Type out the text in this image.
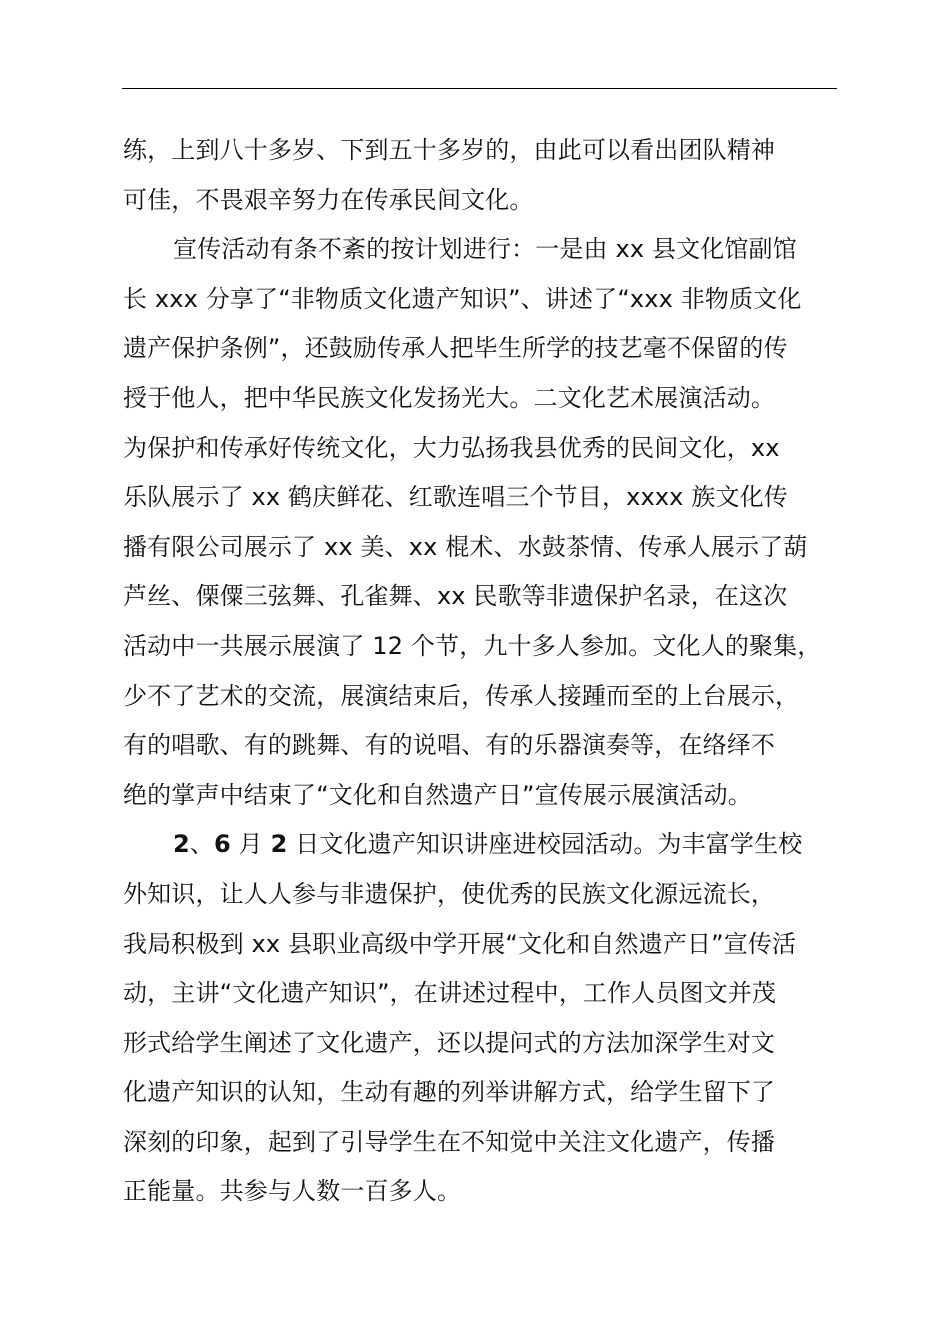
练，上到八十多岁、下到五十多岁的，由此可以看出团队精神
可佳，不畏艰辛努力在传承民间文化。
宣传活动有条不紊的按计划进行：一是由 xx 县文化馆副馆
长 xxx 分享了“非物质文化遗产知识”、讲述了“xxx 非物质文化
遗产保护条例”，还鼓励传承人把毕生所学的技艺毫不保留的传
授于他人，把中华民族文化发扬光大。二文化艺术展演活动。
为保护和传承好传统文化，大力弘扬我县优秀的民间文化，xx
乐队展示了 xx 鹤庆鲜花、红歌连唱三个节目，xxxx 族文化传
播有限公司展示了 xx 美、xx 棍术、水鼓茶情、传承人展示了葫
芦丝、傈僳三弦舞、孔雀舞、xx 民歌等非遗保护名录，在这次
活动中一共展示展演了 12 个节，九十多人参加。文化人的聚集，
少不了艺术的交流，展演结束后，传承人接踵而至的上台展示，
有的唱歌、有的跳舞、有的说唱、有的乐器演奏等，在络绎不
绝的掌声中结束了“文化和自然遗产日”宣传展示展演活动。
2、6 月 2 日文化遗产知识讲座进校园活动。为丰富学生校
外知识，让人人参与非遗保护，使优秀的民族文化源远流长，
我局积极到 xx 县职业高级中学开展“文化和自然遗产日”宣传活
动，主讲“文化遗产知识”，在讲述过程中，工作人员图文并茂
形式给学生阐述了文化遗产，还以提问式的方法加深学生对文
化遗产知识的认知，生动有趣的列举讲解方式，给学生留下了
深刻的印象，起到了引导学生在不知觉中关注文化遗产，传播
正能量。共参与人数一百多人。
